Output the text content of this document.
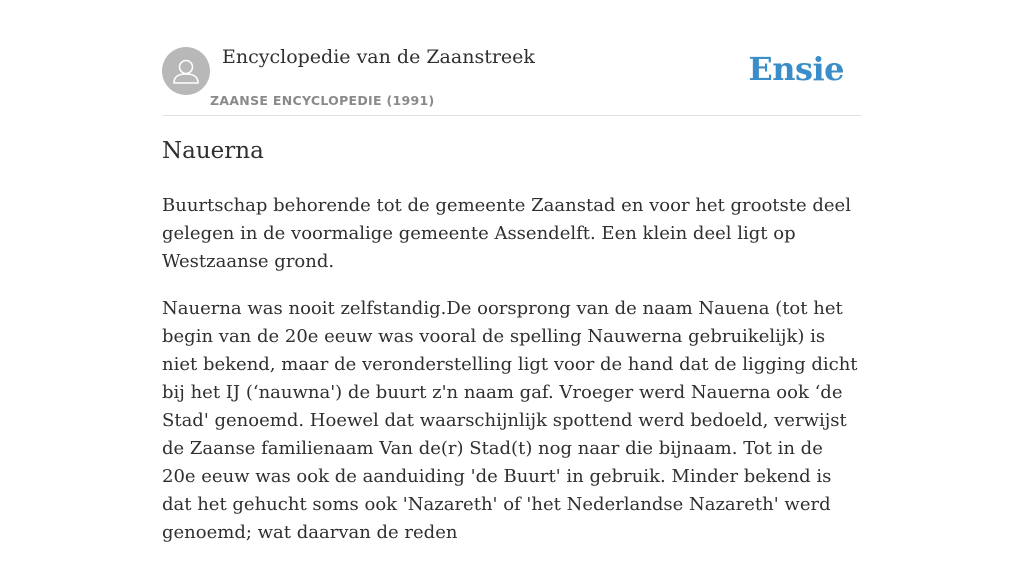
Encyclopedie van de Zaanstreek
ZAANSE ENCYCLOPEDIE (1991)
Ensie
Nauerna

Buurtschap behorende tot de gemeente Zaanstad en voor het grootste deel gelegen in de voormalige gemeente Assendelft. Een klein deel ligt op Westzaanse grond.

Nauerna was nooit zelfstandig.De oorsprong van de naam Nauena (tot het begin van de 20e eeuw was vooral de spelling Nauwerna gebruikelijk) is niet bekend, maar de veronderstelling ligt voor de hand dat de ligging dicht bij het IJ (‘nauwna') de buurt z'n naam gaf. Vroeger werd Nauerna ook ‘de Stad' genoemd. Hoewel dat waarschijnlijk spottend werd bedoeld, verwijst de Zaanse familienaam Van de(r) Stad(t) nog naar die bijnaam. Tot in de 20e eeuw was ook de aanduiding 'de Buurt' in gebruik. Minder bekend is dat het gehucht soms ook 'Nazareth' of 'het Nederlandse Nazareth' werd genoemd; wat daarvan de reden
